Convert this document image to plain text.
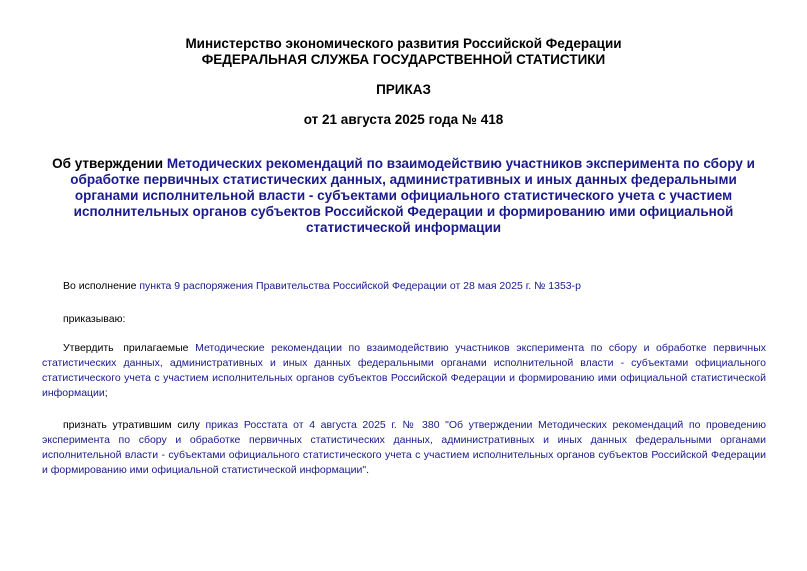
Министерство экономического развития Российской Федерации

ФЕДЕРАЛЬНАЯ СЛУЖБА ГОСУДАРСТВЕННОЙ СТАТИСТИКИ

ПРИКАЗ

от 21 августа 2025 года № 418

Об утверждении Методических рекомендаций по взаимодействию участников эксперимента по сбору и обработке первичных статистических данных, административных и иных данных федеральными органами исполнительной власти - субъектами официального статистического учета с участием исполнительных органов субъектов Российской Федерации и формированию ими официальной статистической информации

Во исполнение пункта 9 распоряжения Правительства Российской Федерации от 28 мая 2025 г. № 1353-р

приказываю:

Утвердить прилагаемые Методические рекомендации по взаимодействию участников эксперимента по сбору и обработке первичных статистических данных, административных и иных данных федеральными органами исполнительной власти - субъектами официального статистического учета с участием исполнительных органов субъектов Российской Федерации и формированию ими официальной статистической информации;

признать утратившим силу приказ Росстата от 4 августа 2025 г. № 380 "Об утверждении Методических рекомендаций по проведению эксперимента по сбору и обработке первичных статистических данных, административных и иных данных федеральными органами исполнительной власти - субъектами официального статистического учета с участием исполнительных органов субъектов Российской Федерации и формированию ими официальной статистической информации".
